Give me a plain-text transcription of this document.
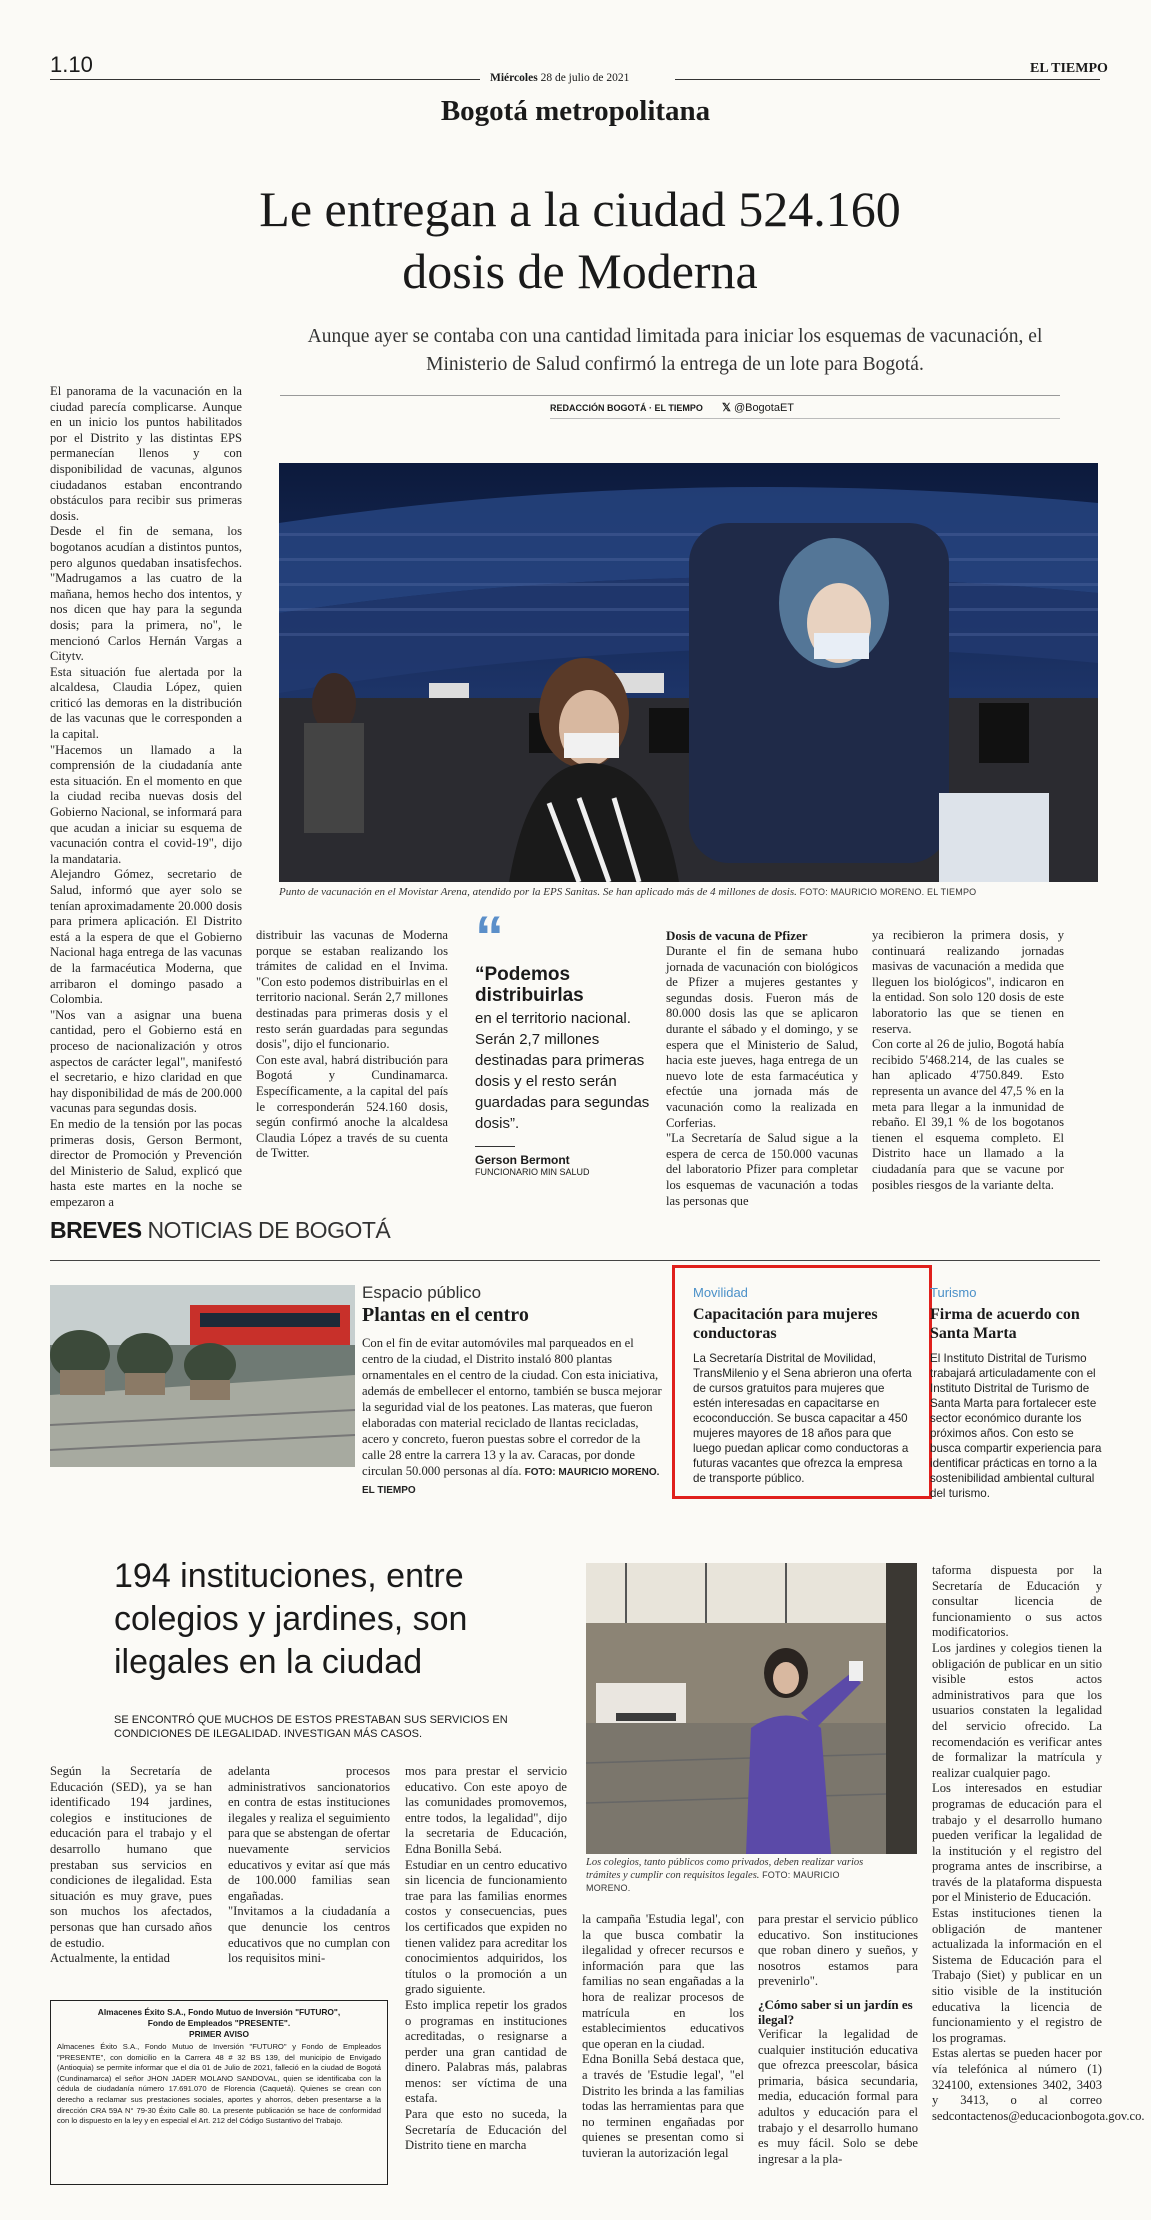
1.10
Miércoles 28 de julio de 2021
EL TIEMPO
Bogotá metropolitana
Le entregan a la ciudad 524.160 dosis de Moderna
Aunque ayer se contaba con una cantidad limitada para iniciar los esquemas de vacunación, el Ministerio de Salud confirmó la entrega de un lote para Bogotá.
REDACCIÓN BOGOTÁ · EL TIEMPO 𝕏 @BogotaET
El panorama de la vacunación en la ciudad parecía complicarse. Aunque en un inicio los puntos habilitados por el Distrito y las distintas EPS permanecían llenos y con disponibilidad de vacunas, algunos ciudadanos estaban encontrando obstáculos para recibir sus primeras dosis.
Desde el fin de semana, los bogotanos acudían a distintos puntos, pero algunos quedaban insatisfechos. "Madrugamos a las cuatro de la mañana, hemos hecho dos intentos, y nos dicen que hay para la segunda dosis; para la primera, no", le mencionó Carlos Hernán Vargas a Citytv.
Esta situación fue alertada por la alcaldesa, Claudia López, quien criticó las demoras en la distribución de las vacunas que le corresponden a la capital.
"Hacemos un llamado a la comprensión de la ciudadanía ante esta situación. En el momento en que la ciudad reciba nuevas dosis del Gobierno Nacional, se informará para que acudan a iniciar su esquema de vacunación contra el covid-19", dijo la mandataria.
Alejandro Gómez, secretario de Salud, informó que ayer solo se tenían aproximadamente 20.000 dosis para primera aplicación. El Distrito está a la espera de que el Gobierno Nacional haga entrega de las vacunas de la farmacéutica Moderna, que arribaron el domingo pasado a Colombia.
"Nos van a asignar una buena cantidad, pero el Gobierno está en proceso de nacionalización y otros aspectos de carácter legal", manifestó el secretario, e hizo claridad en que hay disponibilidad de más de 200.000 vacunas para segundas dosis.
En medio de la tensión por las pocas primeras dosis, Gerson Bermont, director de Promoción y Prevención del Ministerio de Salud, explicó que hasta este martes en la noche se empezaron a
Punto de vacunación en el Movistar Arena, atendido por la EPS Sanitas. Se han aplicado más de 4 millones de dosis. FOTO: MAURICIO MORENO. EL TIEMPO
distribuir las vacunas de Moderna porque se estaban realizando los trámites de calidad en el Invima. "Con esto podemos distribuirlas en el territorio nacional. Serán 2,7 millones destinadas para primeras dosis y el resto serán guardadas para segundas dosis", dijo el funcionario.
Con este aval, habrá distribución para Bogotá y Cundinamarca. Específicamente, a la capital del país le corresponderán 524.160 dosis, según confirmó anoche la alcaldesa Claudia López a través de su cuenta de Twitter.
“
“Podemos distribuirlas
en el territorio nacional. Serán 2,7 millones destinadas para primeras dosis y el resto serán guardadas para segundas dosis”.
Gerson Bermont
FUNCIONARIO MIN SALUD
Dosis de vacuna de Pfizer
Durante el fin de semana hubo jornada de vacunación con biológicos de Pfizer a mujeres gestantes y segundas dosis. Fueron más de 80.000 dosis las que se aplicaron durante el sábado y el domingo, y se espera que el Ministerio de Salud, hacia este jueves, haga entrega de un nuevo lote de esta farmacéutica y efectúe una jornada más de vacunación como la realizada en Corferias.
"La Secretaría de Salud sigue a la espera de cerca de 150.000 vacunas del laboratorio Pfizer para completar los esquemas de vacunación a todas las personas que
ya recibieron la primera dosis, y continuará realizando jornadas masivas de vacunación a medida que lleguen los biológicos", indicaron en la entidad. Son solo 120 dosis de este laboratorio las que se tienen en reserva.
Con corte al 26 de julio, Bogotá había recibido 5'468.214, de las cuales se han aplicado 4'750.849. Esto representa un avance del 47,5 % en la meta para llegar a la inmunidad de rebaño. El 39,1 % de los bogotanos tienen el esquema completo. El Distrito hace un llamado a la ciudadanía para que se vacune por posibles riesgos de la variante delta.
BREVES NOTICIAS DE BOGOTÁ
Espacio público
Plantas en el centro
Con el fin de evitar automóviles mal parqueados en el centro de la ciudad, el Distrito instaló 800 plantas ornamentales en el centro de la ciudad. Con esta iniciativa, además de embellecer el entorno, también se busca mejorar la seguridad vial de los peatones. Las materas, que fueron elaboradas con material reciclado de llantas recicladas, acero y concreto, fueron puestas sobre el corredor de la calle 28 entre la carrera 13 y la av. Caracas, por donde circulan 50.000 personas al día. FOTO: MAURICIO MORENO. EL TIEMPO
Movilidad
Capacitación para mujeres conductoras
La Secretaría Distrital de Movilidad, TransMilenio y el Sena abrieron una oferta de cursos gratuitos para mujeres que estén interesadas en capacitarse en ecoconducción. Se busca capacitar a 450 mujeres mayores de 18 años para que luego puedan aplicar como conductoras a futuras vacantes que ofrezca la empresa de transporte público.
Turismo
Firma de acuerdo con Santa Marta
El Instituto Distrital de Turismo trabajará articuladamente con el Instituto Distrital de Turismo de Santa Marta para fortalecer este sector económico durante los próximos años. Con esto se busca compartir experiencia para identificar prácticas en torno a la sostenibilidad ambiental cultural del turismo.
194 instituciones, entre colegios y jardines, son ilegales en la ciudad
SE ENCONTRÓ QUE MUCHOS DE ESTOS PRESTABAN SUS SERVICIOS EN CONDICIONES DE ILEGALIDAD. INVESTIGAN MÁS CASOS.
Según la Secretaría de Educación (SED), ya se han identificado 194 jardines, colegios e instituciones de educación para el trabajo y el desarrollo humano que prestaban sus servicios en condiciones de ilegalidad. Esta situación es muy grave, pues son muchos los afectados, personas que han cursado años de estudio.
Actualmente, la entidad
adelanta procesos administrativos sancionatorios en contra de estas instituciones ilegales y realiza el seguimiento para que se abstengan de ofertar nuevamente servicios educativos y evitar así que más de 100.000 familias sean engañadas.
"Invitamos a la ciudadanía a que denuncie los centros educativos que no cumplan con los requisitos mini-
mos para prestar el servicio educativo. Con este apoyo de las comunidades promovemos, entre todos, la legalidad", dijo la secretaria de Educación, Edna Bonilla Sebá.
Estudiar en un centro educativo sin licencia de funcionamiento trae para las familias enormes costos y consecuencias, pues los certificados que expiden no tienen validez para acreditar los conocimientos adquiridos, los títulos o la promoción a un grado siguiente.
Esto implica repetir los grados o programas en instituciones acreditadas, o resignarse a perder una gran cantidad de dinero. Palabras más, palabras menos: ser víctima de una estafa.
Para que esto no suceda, la Secretaría de Educación del Distrito tiene en marcha
Los colegios, tanto públicos como privados, deben realizar varios trámites y cumplir con requisitos legales. FOTO: MAURICIO MORENO.
la campaña 'Estudia legal', con la que busca combatir la ilegalidad y ofrecer recursos e información para que las familias no sean engañadas a la hora de realizar procesos de matrícula en los establecimientos educativos que operan en la ciudad.
Edna Bonilla Sebá destaca que, a través de 'Estudie legal', "el Distrito les brinda a las familias todas las herramientas para que no terminen engañadas por quienes se presentan como si tuvieran la autorización legal
para prestar el servicio público educativo. Son instituciones que roban dinero y sueños, y nosotros estamos para prevenirlo".
¿Cómo saber si un jardín es ilegal?
Verificar la legalidad de cualquier institución educativa que ofrezca preescolar, básica primaria, básica secundaria, media, educación formal para adultos y educación para el trabajo y el desarrollo humano es muy fácil. Solo se debe ingresar a la pla-
taforma dispuesta por la Secretaría de Educación y consultar licencia de funcionamiento o sus actos modificatorios.
Los jardines y colegios tienen la obligación de publicar en un sitio visible estos actos administrativos para que los usuarios constaten la legalidad del servicio ofrecido. La recomendación es verificar antes de formalizar la matrícula y realizar cualquier pago.
Los interesados en estudiar programas de educación para el trabajo y el desarrollo humano pueden verificar la legalidad de la institución y el registro del programa antes de inscribirse, a través de la plataforma dispuesta por el Ministerio de Educación.
Estas instituciones tienen la obligación de mantener actualizada la información en el Sistema de Educación para el Trabajo (Siet) y publicar en un sitio visible de la institución educativa la licencia de funcionamiento y el registro de los programas.
Estas alertas se pueden hacer por vía telefónica al número (1) 324100, extensiones 3402, 3403 y 3413, o al correo sedcontactenos@educacionbogota.gov.co.
Almacenes Éxito S.A., Fondo Mutuo de Inversión "FUTURO",
Fondo de Empleados "PRESENTE".
PRIMER AVISO
Almacenes Éxito S.A., Fondo Mutuo de Inversión "FUTURO" y Fondo de Empleados "PRESENTE", con domicilio en la Carrera 48 # 32 BS 139, del municipio de Envigado (Antioquia) se permite informar que el día 01 de Julio de 2021, falleció en la ciudad de Bogotá (Cundinamarca) el señor JHON JADER MOLANO SANDOVAL, quien se identificaba con la cédula de ciudadanía número 17.691.070 de Florencia (Caquetá). Quienes se crean con derecho a reclamar sus prestaciones sociales, aportes y ahorros, deben presentarse a la dirección CRA 59A N° 79-30 Éxito Calle 80. La presente publicación se hace de conformidad con lo dispuesto en la ley y en especial el Art. 212 del Código Sustantivo del Trabajo.
